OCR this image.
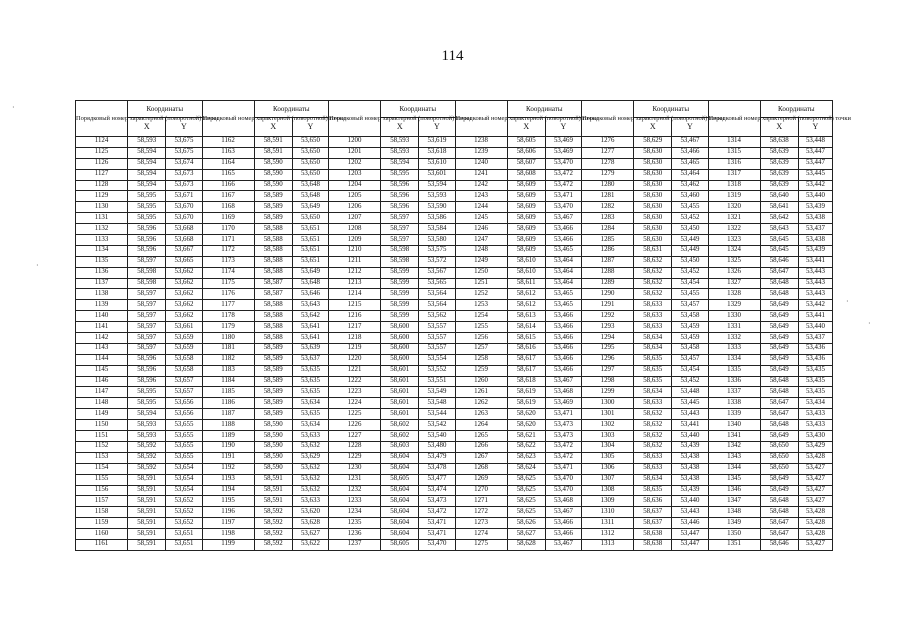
114
·
·
·
·
Порядковый номер характерной (поворотной) точки	Координаты		Порядковый номер характерной (поворотной) точки	Координаты		Порядковый номер характерной (поворотной) точки	Координаты		Порядковый номер характерной (поворотной) точки	Координаты		Порядковый номер характерной (поворотной) точки	Координаты		Порядковый номер характерной (поворотной) точки	Координаты	
	X	Y		X	Y		X	Y		X	Y		X	Y		X	Y
1124	58,593	53,675	1162	58,591	53,650	1200	58,593	53,619	1238	58,605	53,469	1276	58,629	53,467	1314	58,638	53,448
1125	58,594	53,675	1163	58,591	53,650	1201	58,593	53,618	1239	58,606	53,469	1277	58,630	53,466	1315	58,639	53,447
1126	58,594	53,674	1164	58,590	53,650	1202	58,594	53,610	1240	58,607	53,470	1278	58,630	53,465	1316	58,639	53,447
1127	58,594	53,673	1165	58,590	53,650	1203	58,595	53,601	1241	58,608	53,472	1279	58,630	53,464	1317	58,639	53,445
1128	58,594	53,673	1166	58,590	53,648	1204	58,596	53,594	1242	58,609	53,472	1280	58,630	53,462	1318	58,639	53,442
1129	58,595	53,671	1167	58,589	53,648	1205	58,596	53,593	1243	58,609	53,471	1281	58,630	53,460	1319	58,640	53,440
1130	58,595	53,670	1168	58,589	53,649	1206	58,596	53,590	1244	58,609	53,470	1282	58,630	53,455	1320	58,641	53,439
1131	58,595	53,670	1169	58,589	53,650	1207	58,597	53,586	1245	58,609	53,467	1283	58,630	53,452	1321	58,642	53,438
1132	58,596	53,668	1170	58,588	53,651	1208	58,597	53,584	1246	58,609	53,466	1284	58,630	53,450	1322	58,643	53,437
1133	58,596	53,668	1171	58,588	53,651	1209	58,597	53,580	1247	58,609	53,466	1285	58,630	53,449	1323	58,645	53,438
1134	58,596	53,667	1172	58,588	53,651	1210	58,598	53,575	1248	58,609	53,465	1286	58,631	53,449	1324	58,645	53,439
1135	58,597	53,665	1173	58,588	53,651	1211	58,598	53,572	1249	58,610	53,464	1287	58,632	53,450	1325	58,646	53,441
1136	58,598	53,662	1174	58,588	53,649	1212	58,599	53,567	1250	58,610	53,464	1288	58,632	53,452	1326	58,647	53,443
1137	58,598	53,662	1175	58,587	53,648	1213	58,599	53,565	1251	58,611	53,464	1289	58,632	53,454	1327	58,648	53,443
1138	58,597	53,662	1176	58,587	53,646	1214	58,599	53,564	1252	58,612	53,465	1290	58,632	53,455	1328	58,648	53,443
1139	58,597	53,662	1177	58,588	53,643	1215	58,599	53,564	1253	58,612	53,465	1291	58,633	53,457	1329	58,649	53,442
1140	58,597	53,662	1178	58,588	53,642	1216	58,599	53,562	1254	58,613	53,466	1292	58,633	53,458	1330	58,649	53,441
1141	58,597	53,661	1179	58,588	53,641	1217	58,600	53,557	1255	58,614	53,466	1293	58,633	53,459	1331	58,649	53,440
1142	58,597	53,659	1180	58,588	53,641	1218	58,600	53,557	1256	58,615	53,466	1294	58,634	53,459	1332	58,649	53,437
1143	58,597	53,659	1181	58,589	53,639	1219	58,600	53,557	1257	58,616	53,466	1295	58,634	53,458	1333	58,649	53,436
1144	58,596	53,658	1182	58,589	53,637	1220	58,600	53,554	1258	58,617	53,466	1296	58,635	53,457	1334	58,649	53,436
1145	58,596	53,658	1183	58,589	53,635	1221	58,601	53,552	1259	58,617	53,466	1297	58,635	53,454	1335	58,649	53,435
1146	58,596	53,657	1184	58,589	53,635	1222	58,601	53,551	1260	58,618	53,467	1298	58,635	53,452	1336	58,648	53,435
1147	58,595	53,657	1185	58,589	53,635	1223	58,601	53,549	1261	58,619	53,468	1299	58,634	53,448	1337	58,648	53,435
1148	58,595	53,656	1186	58,589	53,634	1224	58,601	53,548	1262	58,619	53,469	1300	58,633	53,445	1338	58,647	53,434
1149	58,594	53,656	1187	58,589	53,635	1225	58,601	53,544	1263	58,620	53,471	1301	58,632	53,443	1339	58,647	53,433
1150	58,593	53,655	1188	58,590	53,634	1226	58,602	53,542	1264	58,620	53,473	1302	58,632	53,441	1340	58,648	53,433
1151	58,593	53,655	1189	58,590	53,633	1227	58,602	53,540	1265	58,621	53,473	1303	58,632	53,440	1341	58,649	53,430
1152	58,592	53,655	1190	58,590	53,632	1228	58,603	53,480	1266	58,622	53,472	1304	58,632	53,439	1342	58,650	53,429
1153	58,592	53,655	1191	58,590	53,629	1229	58,604	53,479	1267	58,623	53,472	1305	58,633	53,438	1343	58,650	53,428
1154	58,592	53,654	1192	58,590	53,632	1230	58,604	53,478	1268	58,624	53,471	1306	58,633	53,438	1344	58,650	53,427
1155	58,591	53,654	1193	58,591	53,632	1231	58,605	53,477	1269	58,625	53,470	1307	58,634	53,438	1345	58,649	53,427
1156	58,591	53,654	1194	58,591	53,632	1232	58,604	53,474	1270	58,625	53,470	1308	58,635	53,439	1346	58,649	53,427
1157	58,591	53,652	1195	58,591	53,633	1233	58,604	53,473	1271	58,625	53,468	1309	58,636	53,440	1347	58,648	53,427
1158	58,591	53,652	1196	58,592	53,620	1234	58,604	53,472	1272	58,625	53,467	1310	58,637	53,443	1348	58,648	53,428
1159	58,591	53,652	1197	58,592	53,628	1235	58,604	53,471	1273	58,626	53,466	1311	58,637	53,446	1349	58,647	53,428
1160	58,591	53,651	1198	58,592	53,627	1236	58,604	53,471	1274	58,627	53,466	1312	58,638	53,447	1350	58,647	53,428
1161	58,591	53,651	1199	58,592	53,622	1237	58,605	53,470	1275	58,628	53,467	1313	58,638	53,447	1351	58,646	53,427
